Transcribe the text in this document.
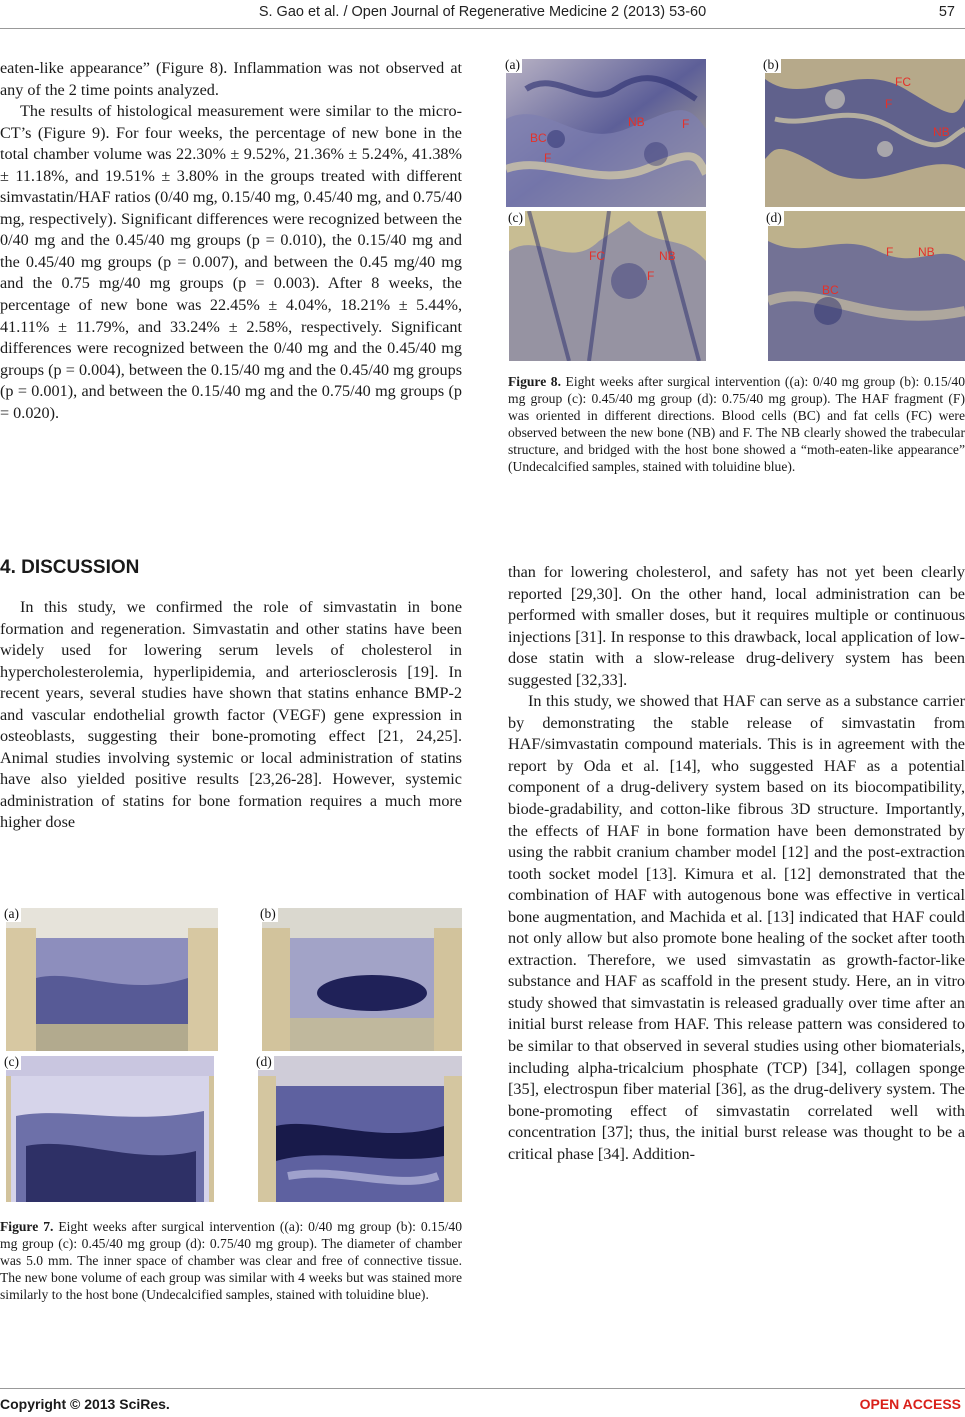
S. Gao et al. / Open Journal of Regenerative Medicine 2 (2013) 53-60	57

eaten-like appearance” (Figure 8). Inflammation was not observed at any of the 2 time points analyzed.

The results of histological measurement were similar to the micro-CT’s (Figure 9). For four weeks, the percentage of new bone in the total chamber volume was 22.30% ± 9.52%, 21.36% ± 5.24%, 41.38% ± 11.18%, and 19.51% ± 3.80% in the groups treated with different simvastatin/HAF ratios (0/40 mg, 0.15/40 mg, 0.45/40 mg, and 0.75/40 mg, respectively). Significant differences were recognized between the 0/40 mg and the 0.45/40 mg groups (p = 0.010), the 0.15/40 mg and the 0.45/40 mg groups (p = 0.007), and between the 0.45 mg/40 mg and the 0.75 mg/40 mg groups (p = 0.003). After 8 weeks, the percentage of new bone was 22.45% ± 4.04%, 18.21% ± 5.44%, 41.11% ± 11.79%, and 33.24% ± 2.58%, respectively. Significant differences were recognized between the 0/40 mg and the 0.45/40 mg groups (p = 0.004), between the 0.15/40 mg and the 0.45/40 mg groups (p = 0.001), and between the 0.15/40 mg and the 0.75/40 mg groups (p = 0.020).

4. DISCUSSION

In this study, we confirmed the role of simvastatin in bone formation and regeneration. Simvastatin and other statins have been widely used for lowering serum levels of cholesterol in hypercholesterolemia, hyperlipidemia, and arteriosclerosis [19]. In recent years, several studies have shown that statins enhance BMP-2 and vascular endothelial growth factor (VEGF) gene expression in osteoblasts, suggesting their bone-promoting effect [21, 24,25]. Animal studies involving systemic or local administration of statins have also yielded positive results [23,26-28]. However, systemic administration of statins for bone formation requires a much more higher dose

BC
NB	F
F
(a)
FC
F
NB
(b)
FC	NB
F
(c)
F NB
BC
(d)
Figure 8. Eight weeks after surgical intervention ((a): 0/40 mg group (b): 0.15/40 mg group (c): 0.45/40 mg group (d): 0.75/40 mg group). The HAF fragment (F) was oriented in different directions. Blood cells (BC) and fat cells (FC) were observed between the new bone (NB) and F. The NB clearly showed the trabecular structure, and bridged with the host bone showed a “moth-eaten-like appearance” (Undecalcified samples, stained with toluidine blue).

than for lowering cholesterol, and safety has not yet been clearly reported [29,30]. On the other hand, local administration can be performed with smaller doses, but it requires multiple or continuous injections [31]. In response to this drawback, local application of low-dose statin with a slow-release drug-delivery system has been suggested [32,33].

In this study, we showed that HAF can serve as a substance carrier by demonstrating the stable release of simvastatin from HAF/simvastatin compound materials. This is in agreement with the report by Oda et al. [14], who suggested HAF as a potential component of a drug-delivery system based on its biocompatibility, biode-gradability, and cotton-like fibrous 3D structure. Importantly, the effects of HAF in bone formation have been demonstrated by using the rabbit cranium chamber model [12] and the post-extraction tooth socket model [13]. Kimura et al. [12] demonstrated that the combination of HAF with autogenous bone was effective in vertical bone augmentation, and Machida et al. [13] indicated that HAF could not only allow but also promote bone healing of the socket after tooth extraction. Therefore, we used simvastatin as growth-factor-like substance and HAF as scaffold in the present study. Here, an in vitro study showed that simvastatin is released gradually over time after an initial burst release from HAF. This release pattern was considered to be similar to that observed in several studies using other biomaterials, including alpha-tricalcium phosphate (TCP) [34], collagen sponge [35], electrospun fiber material [36], as the drug-delivery system. The bone-promoting effect of simvastatin correlated well with concentration [37]; thus, the initial burst release was thought to be a critical phase [34]. Addition-

(a)	(b)
(c)	(d)
Figure 7. Eight weeks after surgical intervention ((a): 0/40 mg group (b): 0.15/40 mg group (c): 0.45/40 mg group (d): 0.75/40 mg group). The diameter of chamber was 5.0 mm. The inner space of chamber was clear and free of connective tissue. The new bone volume of each group was similar with 4 weeks but was stained more similarly to the host bone (Undecalcified samples, stained with toluidine blue).
Copyright © 2013 SciRes.	OPEN ACCESS
